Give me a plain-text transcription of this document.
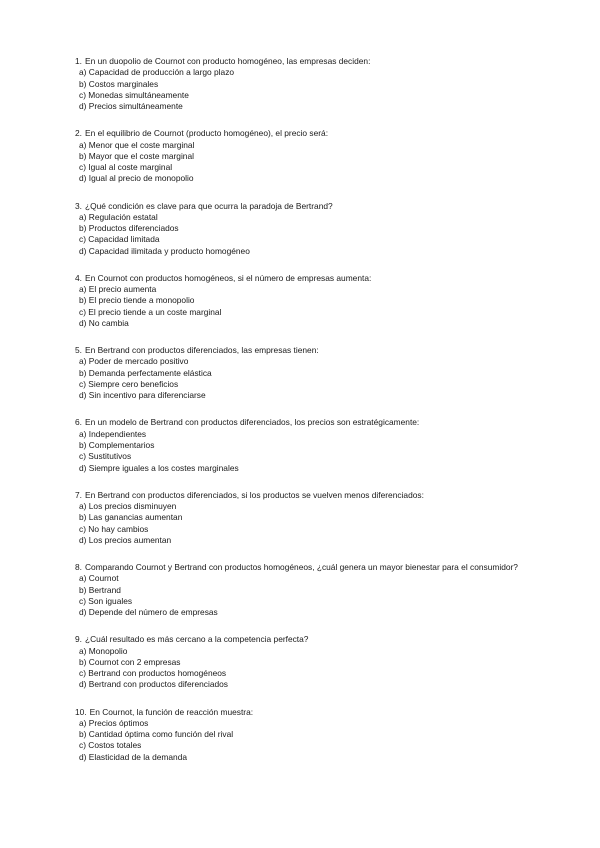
1. En un duopolio de Cournot con producto homogéneo, las empresas deciden:

a) Capacidad de producción a largo plazo
b) Costos marginales
c) Monedas simultáneamente
d) Precios simultáneamente

2. En el equilibrio de Cournot (producto homogéneo), el precio será:

a) Menor que el coste marginal
b) Mayor que el coste marginal
c) Igual al coste marginal
d) Igual al precio de monopolio

3. ¿Qué condición es clave para que ocurra la paradoja de Bertrand?

a) Regulación estatal
b) Productos diferenciados
c) Capacidad limitada
d) Capacidad ilimitada y producto homogéneo

4. En Cournot con productos homogéneos, si el número de empresas aumenta:

a) El precio aumenta
b) El precio tiende a monopolio
c) El precio tiende a un coste marginal
d) No cambia

5. En Bertrand con productos diferenciados, las empresas tienen:

a) Poder de mercado positivo
b) Demanda perfectamente elástica
c) Siempre cero beneficios
d) Sin incentivo para diferenciarse

6. En un modelo de Bertrand con productos diferenciados, los precios son estratégicamente:

a) Independientes
b) Complementarios
c) Sustitutivos
d) Siempre iguales a los costes marginales

7. En Bertrand con productos diferenciados, si los productos se vuelven menos diferenciados:

a) Los precios disminuyen
b) Las ganancias aumentan
c) No hay cambios
d) Los precios aumentan

8. Comparando Cournot y Bertrand con productos homogéneos, ¿cuál genera un mayor bienestar para el consumidor?

a) Cournot
b) Bertrand
c) Son iguales
d) Depende del número de empresas

9. ¿Cuál resultado es más cercano a la competencia perfecta?

a) Monopolio
b) Cournot con 2 empresas
c) Bertrand con productos homogéneos
d) Bertrand con productos diferenciados

10. En Cournot, la función de reacción muestra:

a) Precios óptimos
b) Cantidad óptima como función del rival
c) Costos totales
d) Elasticidad de la demanda
